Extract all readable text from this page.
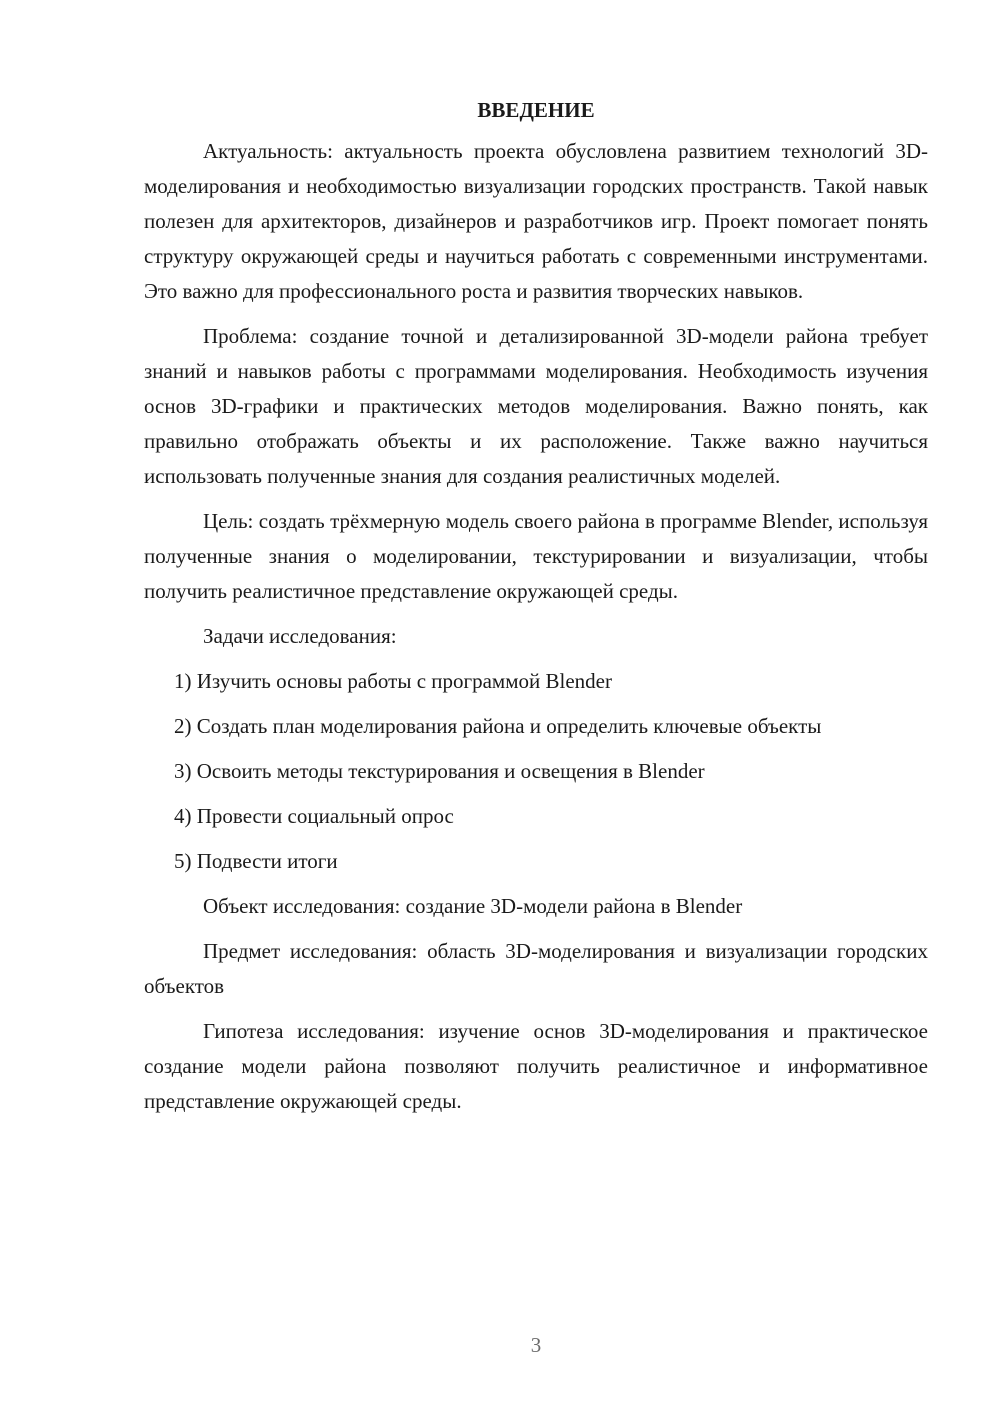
ВВЕДЕНИЕ

Актуальность: актуальность проекта обусловлена развитием технологий 3D-моделирования и необходимостью визуализации городских пространств. Такой навык полезен для архитекторов, дизайнеров и разработчиков игр. Проект помогает понять структуру окружающей среды и научиться работать с современными инструментами. Это важно для профессионального роста и развития творческих навыков.

Проблема: создание точной и детализированной 3D-модели района требует знаний и навыков работы с программами моделирования. Необходимость изучения основ 3D-графики и практических методов моделирования. Важно понять, как правильно отображать объекты и их расположение. Также важно научиться использовать полученные знания для создания реалистичных моделей.

Цель: создать трёхмерную модель своего района в программе Blender, используя полученные знания о моделировании, текстурировании и визуализации, чтобы получить реалистичное представление окружающей среды.

Задачи исследования:

1) Изучить основы работы с программой Blender

2) Создать план моделирования района и определить ключевые объекты

3) Освоить методы текстурирования и освещения в Blender

4) Провести социальный опрос

5) Подвести итоги

Объект исследования: создание 3D-модели района в Blender

Предмет исследования: область 3D-моделирования и визуализации городских объектов

Гипотеза исследования: изучение основ 3D-моделирования и практическое создание модели района позволяют получить реалистичное и информативное представление окружающей среды.

3
